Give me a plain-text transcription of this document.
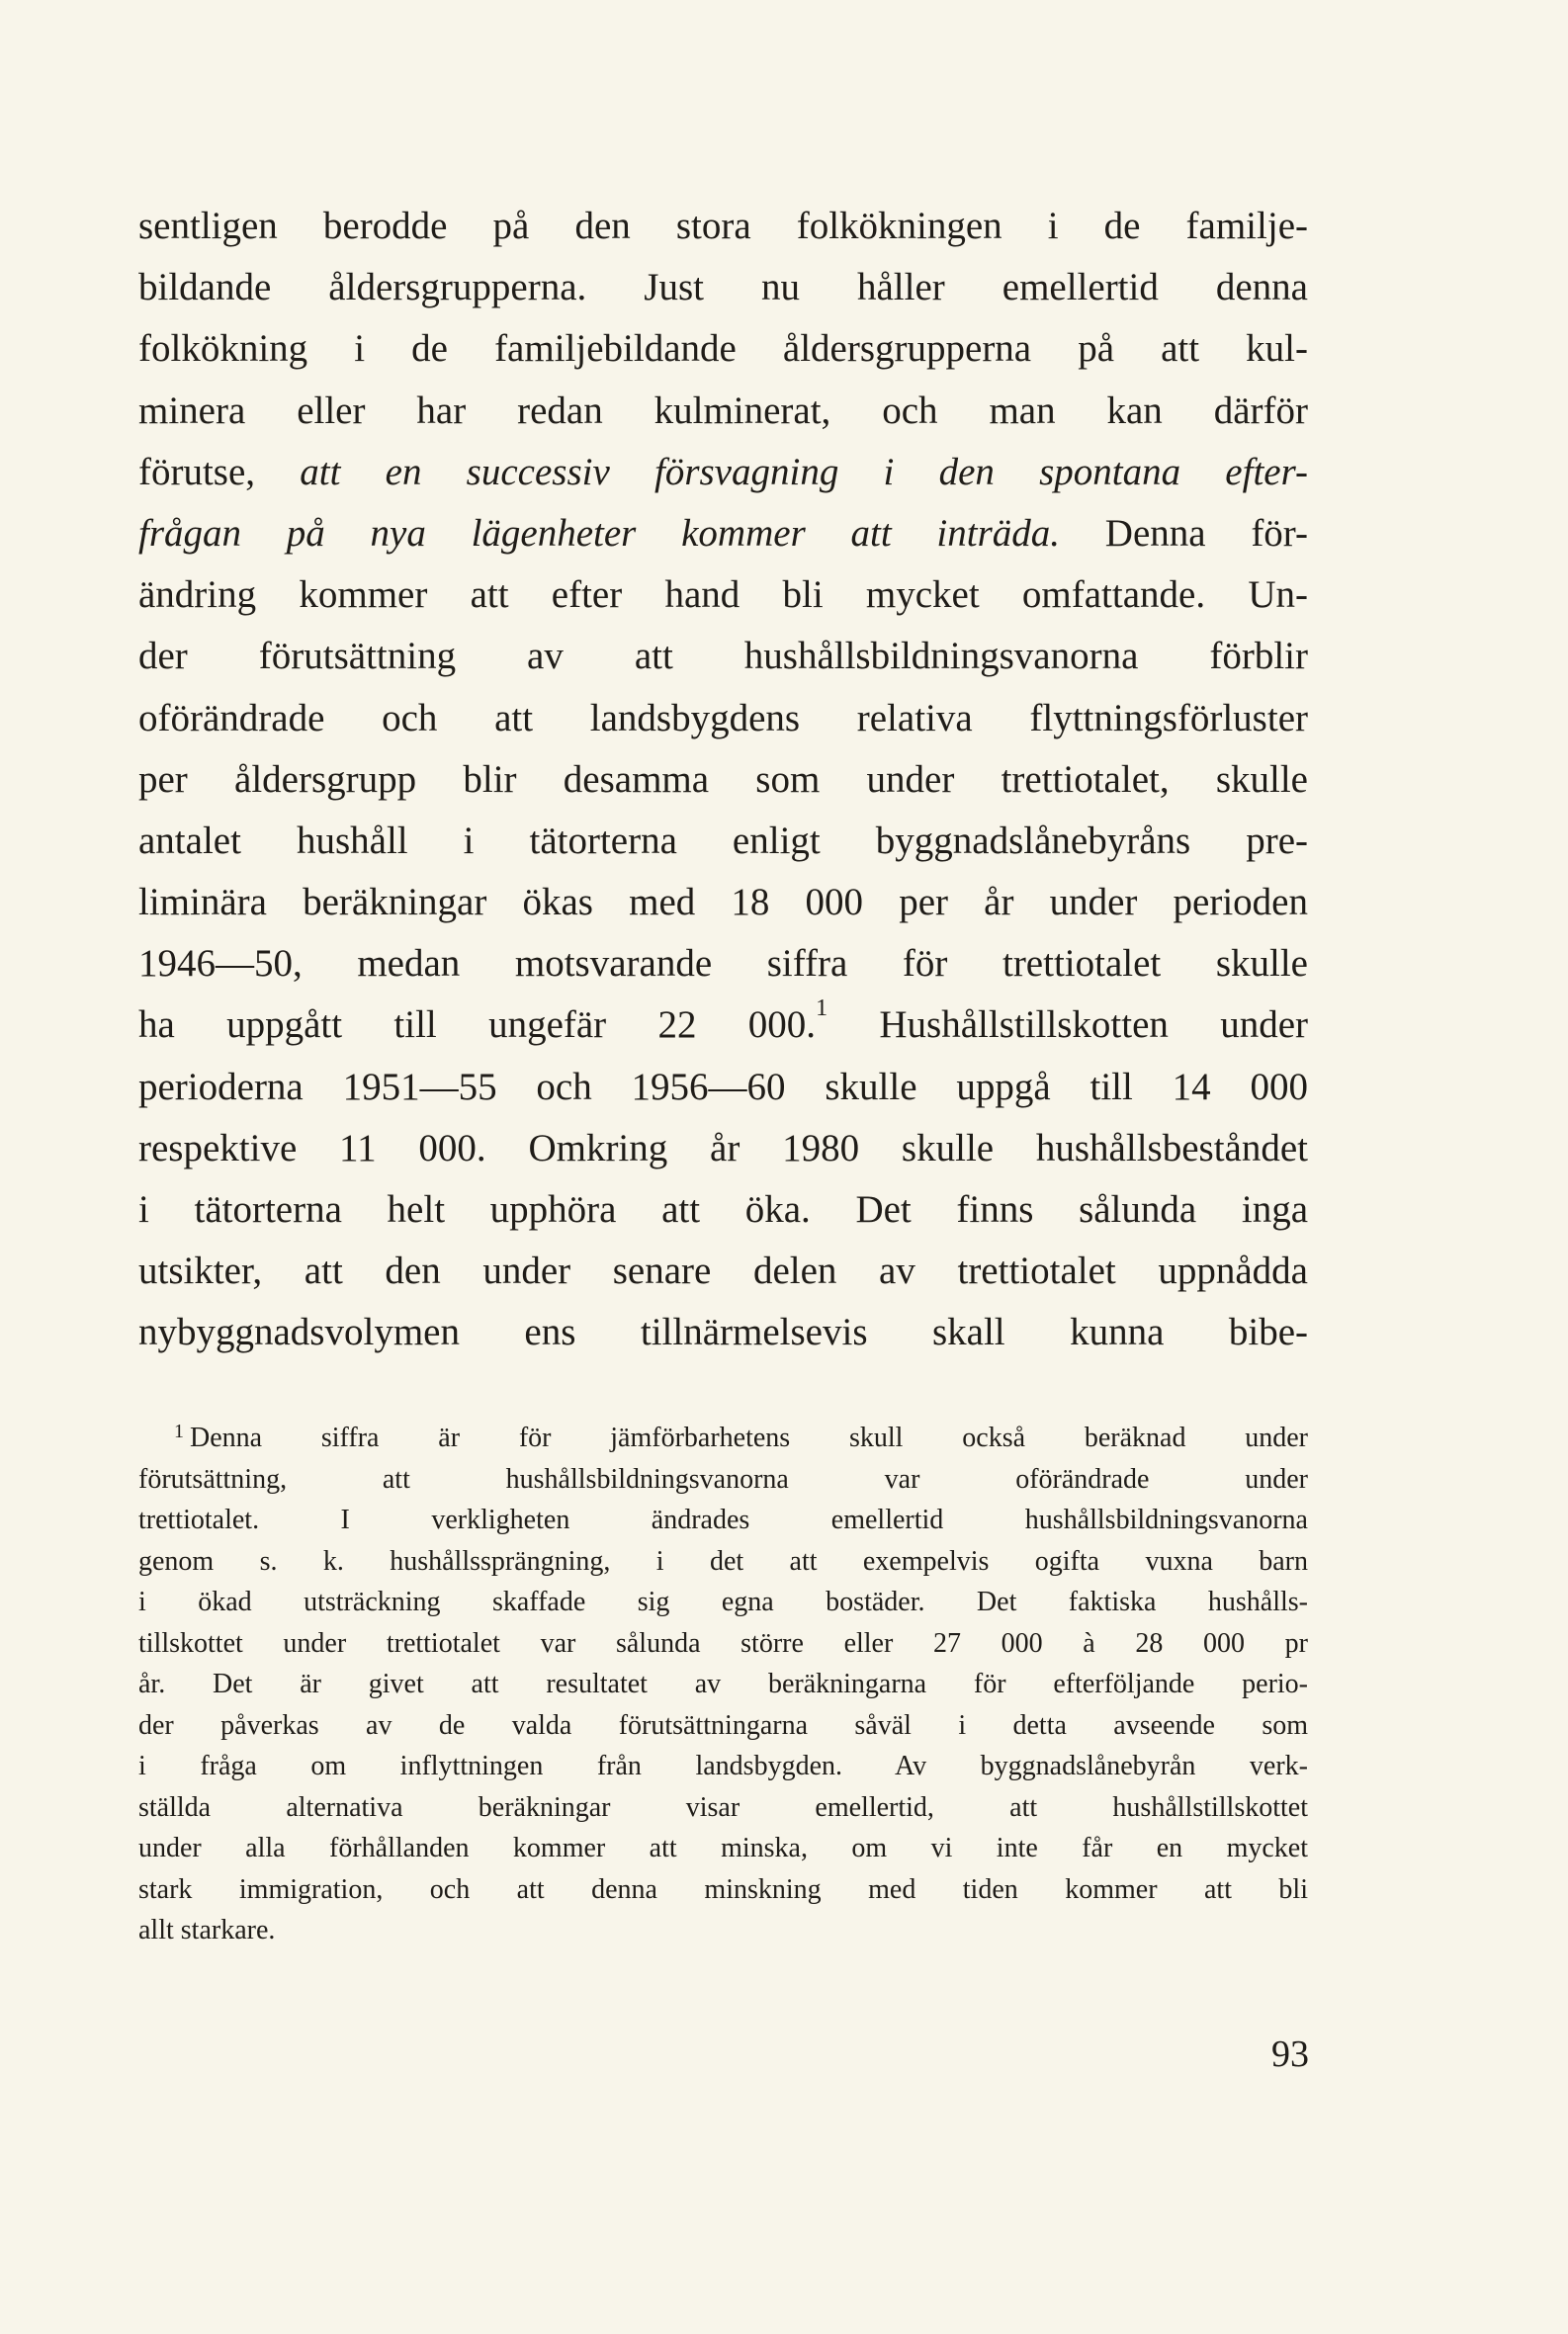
sentligen berodde på den stora folkökningen i de familje-
bildande åldersgrupperna. Just nu håller emellertid denna
folkökning i de familjebildande åldersgrupperna på att kul-
minera eller har redan kulminerat, och man kan därför
förutse, att en successiv försvagning i den spontana efter-
frågan på nya lägenheter kommer att inträda. Denna för-
ändring kommer att efter hand bli mycket omfattande. Un-
der förutsättning av att hushållsbildningsvanorna förblir
oförändrade och att landsbygdens relativa flyttningsförluster
per åldersgrupp blir desamma som under trettiotalet, skulle
antalet hushåll i tätorterna enligt byggnadslånebyråns pre-
liminära beräkningar ökas med 18 000 per år under perioden
1946—50, medan motsvarande siffra för trettiotalet skulle
ha uppgått till ungefär 22 000.$^1$ Hushållstillskotten under
perioderna 1951—55 och 1956—60 skulle uppgå till 14 000
respektive 11 000. Omkring år 1980 skulle hushållsbeståndet
i tätorterna helt upphöra att öka. Det finns sålunda inga
utsikter, att den under senare delen av trettiotalet uppnådda
nybyggnadsvolymen ens tillnärmelsevis skall kunna bibe-
$^1$ Denna siffra är för jämförbarhetens skull också beräknad under
förutsättning, att hushållsbildningsvanorna var oförändrade under
trettiotalet. I verkligheten ändrades emellertid hushållsbildningsvanorna
genom s. k. hushållssprängning, i det att exempelvis ogifta vuxna barn
i ökad utsträckning skaffade sig egna bostäder. Det faktiska hushålls-
tillskottet under trettiotalet var sålunda större eller 27 000 à 28 000 pr
år. Det är givet att resultatet av beräkningarna för efterföljande perio-
der påverkas av de valda förutsättningarna såväl i detta avseende som
i fråga om inflyttningen från landsbygden. Av byggnadslånebyrån verk-
ställda alternativa beräkningar visar emellertid, att hushållstillskottet
under alla förhållanden kommer att minska, om vi inte får en mycket
stark immigration, och att denna minskning med tiden kommer att bli
allt starkare.
93
